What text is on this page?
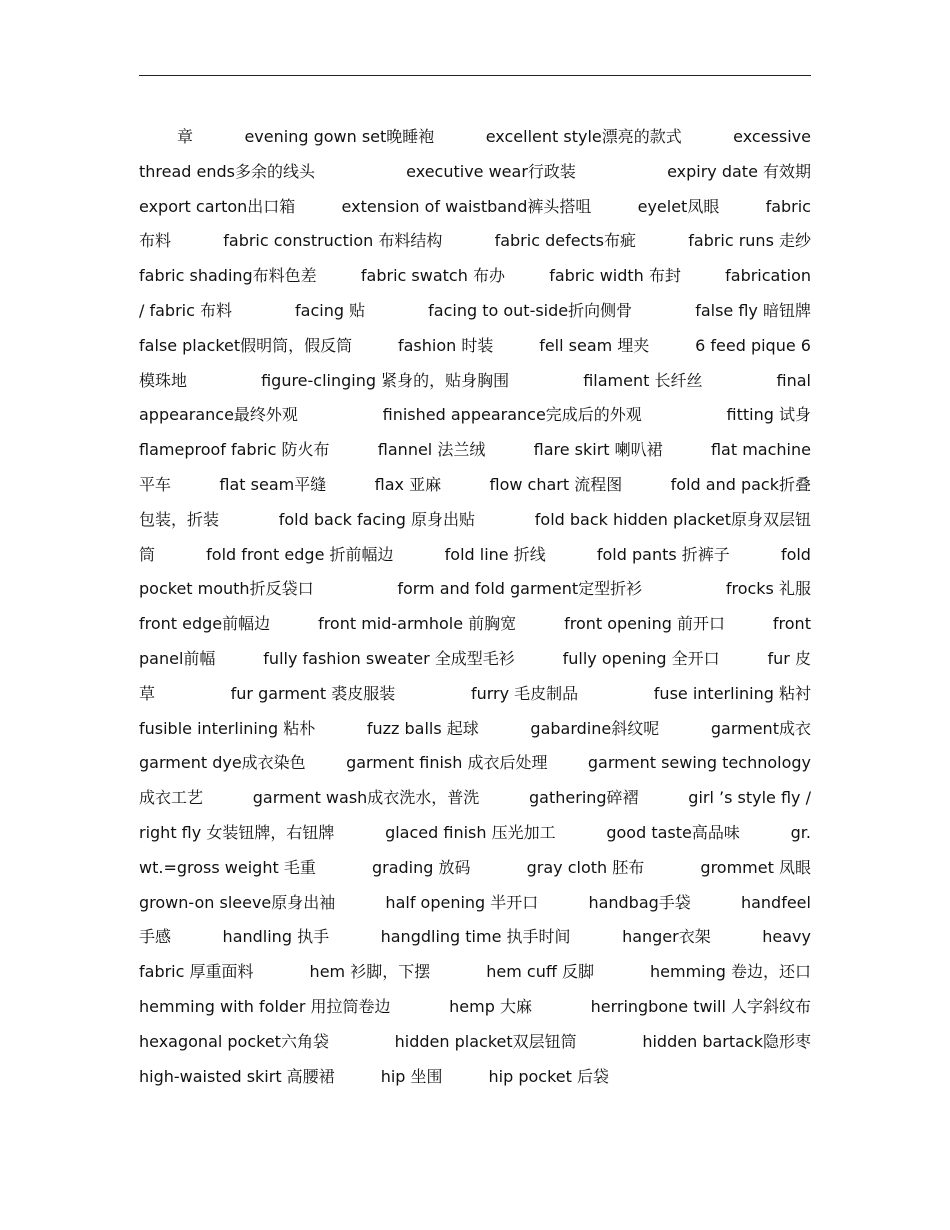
章	evening gown set晚睡袍	excellent style漂亮的款式	excessive
thread ends多余的线头	executive wear行政装	expiry date 有效期
export carton出口箱	extension of waistband裤头搭咀	eyelet凤眼	fabric
布料	fabric construction 布料结构	fabric defects布疵	fabric runs 走纱
fabric shading布料色差	fabric swatch 布办	fabric width 布封	fabrication
/ fabric 布料	facing 贴	facing to out-side折向侧骨	false fly 暗钮牌
false placket假明筒，假反筒	fashion 时装	fell seam 埋夹	6 feed pique 6
模珠地	figure-clinging 紧身的，贴身胸围	filament 长纤丝	final
appearance最终外观	finished appearance完成后的外观	fitting 试身
flameproof fabric 防火布	flannel 法兰绒	flare skirt 喇叭裙	flat machine
平车	flat seam平缝	flax 亚麻	flow chart 流程图	fold and pack折叠
包装，折装	fold back facing 原身出贴	fold back hidden placket原身双层钮
筒	fold front edge 折前幅边	fold line 折线	fold pants 折裤子	fold
pocket mouth折反袋口	form and fold garment定型折衫	frocks 礼服
front edge前幅边	front mid-armhole 前胸宽	front opening 前开口	front
panel前幅	fully fashion sweater 全成型毛衫	fully opening 全开口	fur 皮
草	fur garment 裘皮服装	furry 毛皮制品	fuse interlining 粘衬
fusible interlining 粘朴	fuzz balls 起球	gabardine斜纹呢	garment成衣
garment dye成衣染色	garment finish 成衣后处理	garment sewing technology
成衣工艺	garment wash成衣洗水，普洗	gathering碎褶	girl ’s style fly /
right fly 女装钮牌，右钮牌	glaced finish 压光加工	good taste高品味	gr.
wt.=gross weight 毛重	grading 放码	gray cloth 胚布	grommet 凤眼
grown-on sleeve原身出袖	half opening 半开口	handbag手袋	handfeel
手感	handling 执手	hangdling time 执手时间	hanger衣架	heavy
fabric 厚重面料	hem 衫脚，下摆	hem cuff 反脚	hemming 卷边，还口
hemming with folder 用拉筒卷边	hemp 大麻	herringbone twill 人字斜纹布
hexagonal pocket六角袋	hidden placket双层钮筒	hidden bartack隐形枣
high-waisted skirt 高腰裙	hip 坐围	hip pocket 后袋
